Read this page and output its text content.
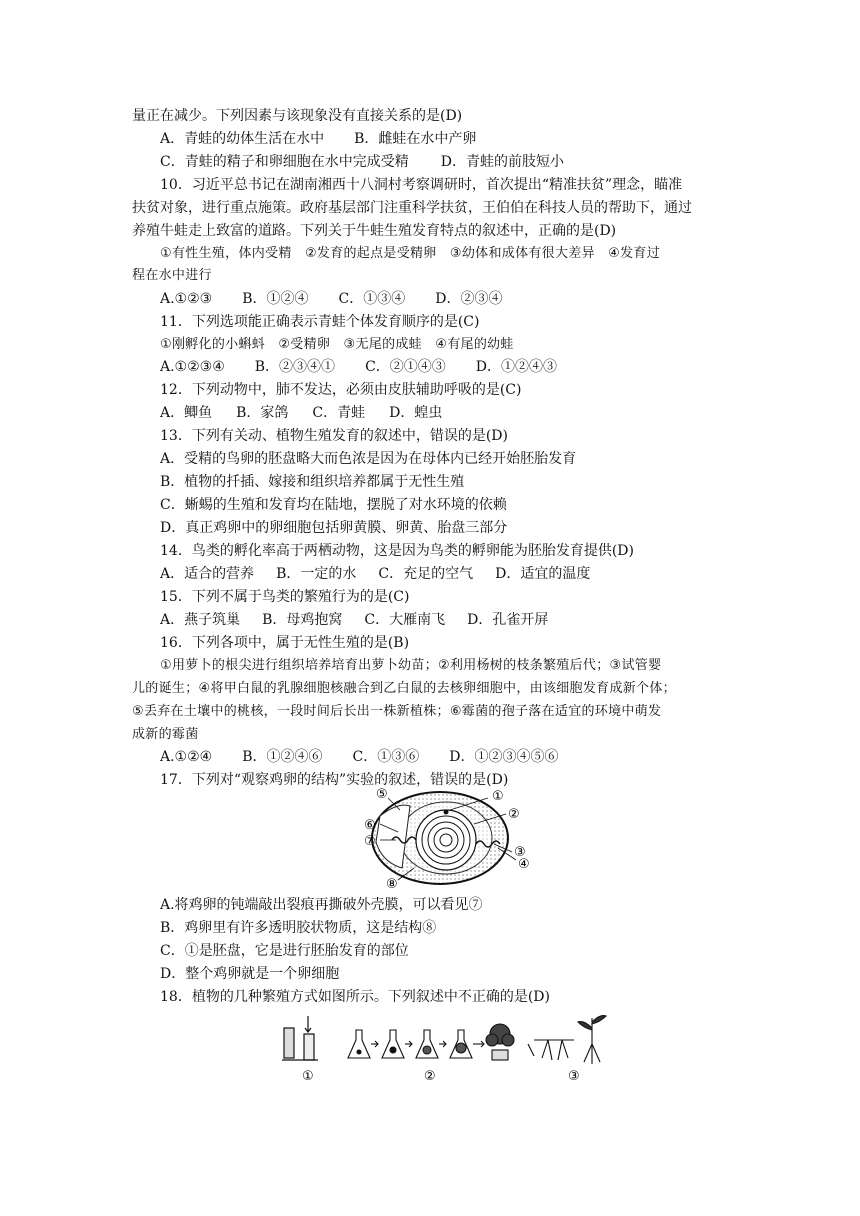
量正在减少。下列因素与该现象没有直接关系的是(D)
A．青蛙的幼体生活在水中 B．雌蛙在水中产卵
C．青蛙的精子和卵细胞在水中完成受精 D．青蛙的前肢短小
10．习近平总书记在湖南湘西十八洞村考察调研时，首次提出“精准扶贫”理念，瞄准
扶贫对象，进行重点施策。政府基层部门注重科学扶贫，王伯伯在科技人员的帮助下，通过
养殖牛蛙走上致富的道路。下列关于牛蛙生殖发育特点的叙述中，正确的是(D)
①有性生殖，体内受精　②发育的起点是受精卵　③幼体和成体有很大差异　④发育过
程在水中进行
A.①②③ B．①②④ C．①③④ D．②③④
11．下列选项能正确表示青蛙个体发育顺序的是(C)
①刚孵化的小蝌蚪　②受精卵　③无尾的成蛙　④有尾的幼蛙
A.①②③④ B．②③④① C．②①④③ D．①②④③
12．下列动物中，肺不发达，必须由皮肤辅助呼吸的是(C)
A．鲫鱼 B．家鸽 C．青蛙 D．蝗虫
13．下列有关动、植物生殖发育的叙述中，错误的是(D)
A．受精的鸟卵的胚盘略大而色浓是因为在母体内已经开始胚胎发育
B．植物的扦插、嫁接和组织培养都属于无性生殖
C．蜥蜴的生殖和发育均在陆地，摆脱了对水环境的依赖
D．真正鸡卵中的卵细胞包括卵黄膜、卵黄、胎盘三部分
14．鸟类的孵化率高于两栖动物，这是因为鸟类的孵卵能为胚胎发育提供(D)
A．适合的营养 B．一定的水 C．充足的空气 D．适宜的温度
15．下列不属于鸟类的繁殖行为的是(C)
A．燕子筑巢 B．母鸡抱窝 C．大雁南飞 D．孔雀开屏
16．下列各项中，属于无性生殖的是(B)
①用萝卜的根尖进行组织培养培育出萝卜幼苗；②利用杨树的枝条繁殖后代；③试管婴
儿的诞生；④将甲白鼠的乳腺细胞核融合到乙白鼠的去核卵细胞中，由该细胞发育成新个体；
⑤丢弃在土壤中的桃核，一段时间后长出一株新植株；⑥霉菌的孢子落在适宜的环境中萌发
成新的霉菌
A.①②④ B．①②④⑥ C．①③⑥ D．①②③④⑤⑥
17．下列对“观察鸡卵的结构”实验的叙述，错误的是(D)
⑤	①
②
⑥
⑦
③
④
⑧
A.将鸡卵的钝端敲出裂痕再撕破外壳膜，可以看见⑦
B．鸡卵里有许多透明胶状物质，这是结构⑧
C．①是胚盘，它是进行胚胎发育的部位
D．整个鸡卵就是一个卵细胞
18．植物的几种繁殖方式如图所示。下列叙述中不正确的是(D)
①	②	③
